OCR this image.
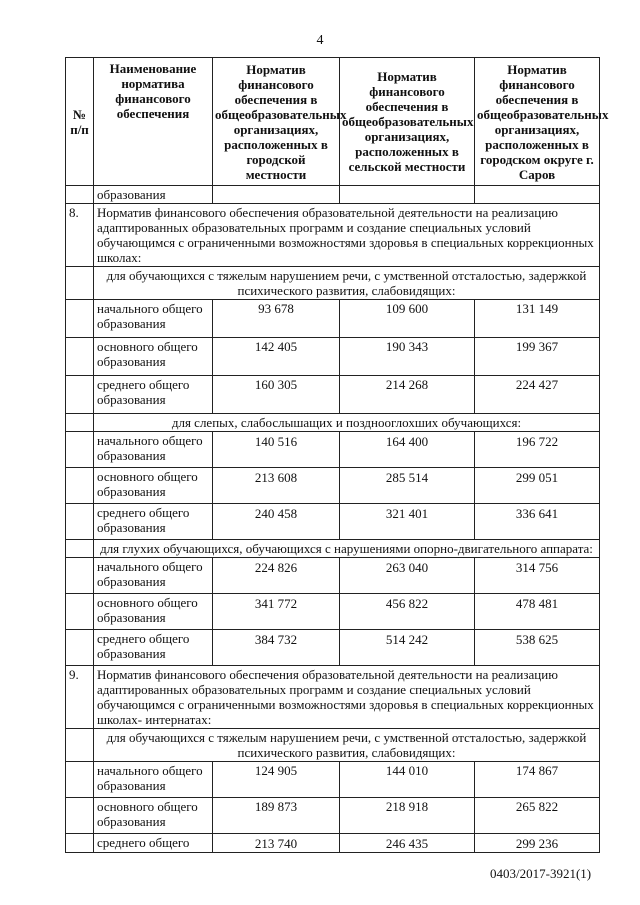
4
№ п/п	Наименование норматива финансового обеспечения	Норматив финансового обеспечения в общеобразовательных организациях, расположенных в городской местности	Норматив финансового обеспечения в общеобразовательных организациях, расположенных в сельской местности	Норматив финансового обеспечения в общеобразовательных организациях, расположенных в городском округе г. Саров
	образования			
8.	Норматив финансового обеспечения образовательной деятельности на реализацию адаптированных образовательных программ и создание специальных условий обучающимся с ограниченными возможностями здоровья в специальных коррекционных школах:			
	для обучающихся с тяжелым нарушением речи, с умственной отсталостью, задержкой психического развития, слабовидящих:			
	начального общего образования	93 678	109 600	131 149
	основного общего образования	142 405	190 343	199 367
	среднего общего образования	160 305	214 268	224 427
	для слепых, слабослышащих и позднооглохших обучающихся:			
	начального общего образования	140 516	164 400	196 722
	основного общего образования	213 608	285 514	299 051
	среднего общего образования	240 458	321 401	336 641
	для глухих обучающихся, обучающихся с нарушениями опорно-двигательного аппарата:			
	начального общего образования	224 826	263 040	314 756
	основного общего образования	341 772	456 822	478 481
	среднего общего образования	384 732	514 242	538 625
9.	Норматив финансового обеспечения образовательной деятельности на реализацию адаптированных образовательных программ и создание специальных условий обучающимся с ограниченными возможностями здоровья в специальных коррекционных школах- интернатах:			
	для обучающихся с тяжелым нарушением речи, с умственной отсталостью, задержкой психического развития, слабовидящих:			
	начального общего образования	124 905	144 010	174 867
	основного общего образования	189 873	218 918	265 822
	среднего общего	213 740	246 435	299 236
0403/2017-3921(1)
